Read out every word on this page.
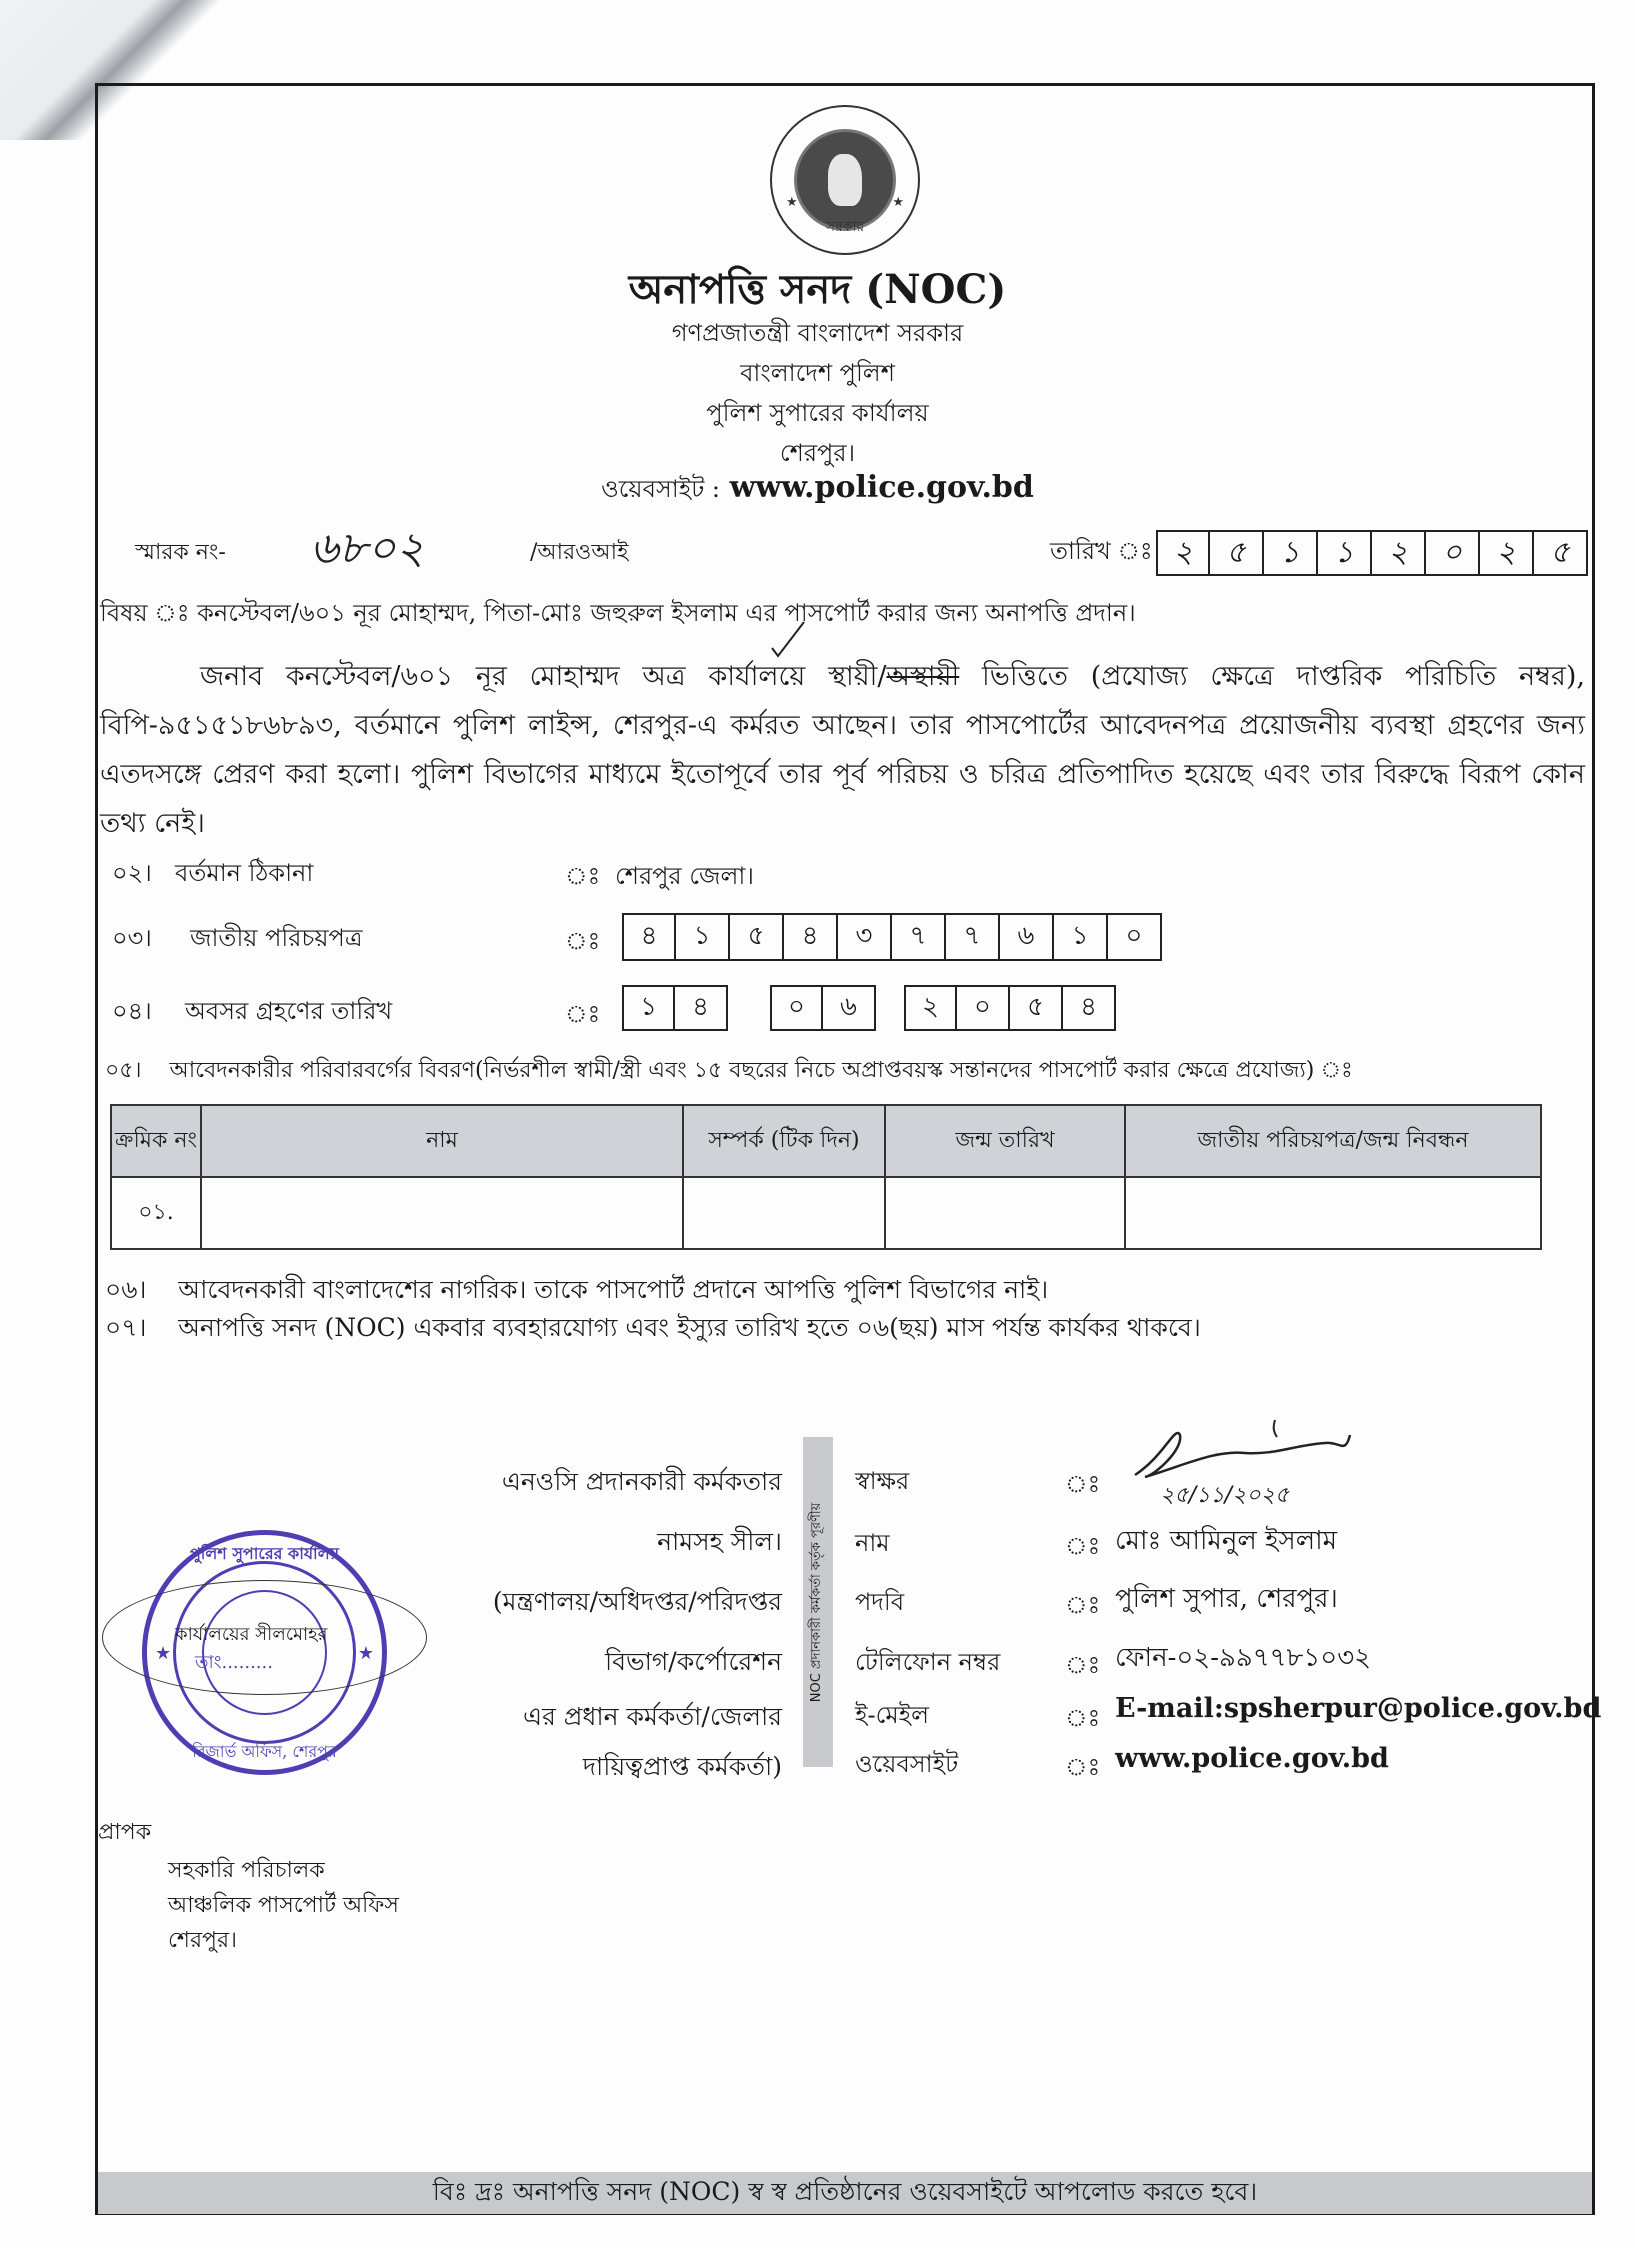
★	★
সরকার
অনাপত্তি সনদ (NOC)
গণপ্রজাতন্ত্রী বাংলাদেশ সরকার
বাংলাদেশ পুলিশ
পুলিশ সুপারের কার্যালয়
শেরপুর।
ওয়েবসাইট : www.police.gov.bd
স্মারক নং- ৬৮০২	/আরওআই	তারিখ ঃ ২	৫	১	১	২	০	২	৫
বিষয় ঃ কনস্টেবল/৬০১ নূর মোহাম্মদ, পিতা-মোঃ জহুরুল ইসলাম এর পাসপোর্ট করার জন্য অনাপত্তি প্রদান।
জনাব কনস্টেবল/৬০১ নূর মোহাম্মদ অত্র কার্যালয়ে স্থায়ী/অস্থায়ী ভিত্তিতে (প্রযোজ্য ক্ষেত্রে দাপ্তরিক পরিচিতি নম্বর), বিপি-৯৫১৫১৮৬৮৯৩, বর্তমানে পুলিশ লাইন্স, শেরপুর-এ কর্মরত আছেন। তার পাসপোর্টের আবেদনপত্র প্রয়োজনীয় ব্যবস্থা গ্রহণের জন্য এতদসঙ্গে প্রেরণ করা হলো। পুলিশ বিভাগের মাধ্যমে ইতোপূর্বে তার পূর্ব পরিচয় ও চরিত্র প্রতিপাদিত হয়েছে এবং তার বিরুদ্ধে বিরূপ কোন তথ্য নেই।
০২। বর্তমান ঠিকানা	ঃ শেরপুর জেলা।
০৩। জাতীয় পরিচয়পত্র	ঃ	৪	১	৫	৪	৩	৭	৭	৬	১	০
০৪। অবসর গ্রহণের তারিখ	ঃ	১	৪	০	৬	২	০	৫	৪
০৫। আবেদনকারীর পরিবারবর্গের বিবরণ(নির্ভরশীল স্বামী/স্ত্রী এবং ১৫ বছরের নিচে অপ্রাপ্তবয়স্ক সন্তানদের পাসপোর্ট করার ক্ষেত্রে প্রযোজ্য) ঃ
ক্রমিক নং	নাম	সম্পর্ক (টিক দিন)	জন্ম তারিখ	জাতীয় পরিচয়পত্র/জন্ম নিবন্ধন
০১.				
০৬। আবেদনকারী বাংলাদেশের নাগরিক। তাকে পাসপোর্ট প্রদানে আপত্তি পুলিশ বিভাগের নাই।
০৭। অনাপত্তি সনদ (NOC) একবার ব্যবহারযোগ্য এবং ইস্যুর তারিখ হতে ০৬(ছয়) মাস পর্যন্ত কার্যকর থাকবে।
পুলিশ সুপারের কার্যালয়
রিজার্ভ অফিস, শেরপুর
★	★
কার্যালয়ের সীলমোহর
তাং.........
এনওসি প্রদানকারী কর্মকতার
নামসহ সীল।
(মন্ত্রণালয়/অধিদপ্তর/পরিদপ্তর
বিভাগ/কর্পোরেশন
এর প্রধান কর্মকর্তা/জেলার
দায়িত্বপ্রাপ্ত কর্মকর্তা)
NOC প্রদানকারী কর্মকর্তা কর্তৃক পূরণীয়
স্বাক্ষর	ঃ	২৫/১১/২০২৫
নাম	ঃ মোঃ আমিনুল ইসলাম
পদবি	ঃ পুলিশ সুপার, শেরপুর।
টেলিফোন নম্বর	ঃ ফোন-০২-৯৯৭৭৮১০৩২
ই-মেইল	ঃ E-mail:spsherpur@police.gov.bd
ওয়েবসাইট	ঃ www.police.gov.bd
প্রাপক
সহকারি পরিচালক
আঞ্চলিক পাসপোর্ট অফিস
শেরপুর।
বিঃ দ্রঃ অনাপত্তি সনদ (NOC) স্ব স্ব প্রতিষ্ঠানের ওয়েবসাইটে আপলোড করতে হবে।
